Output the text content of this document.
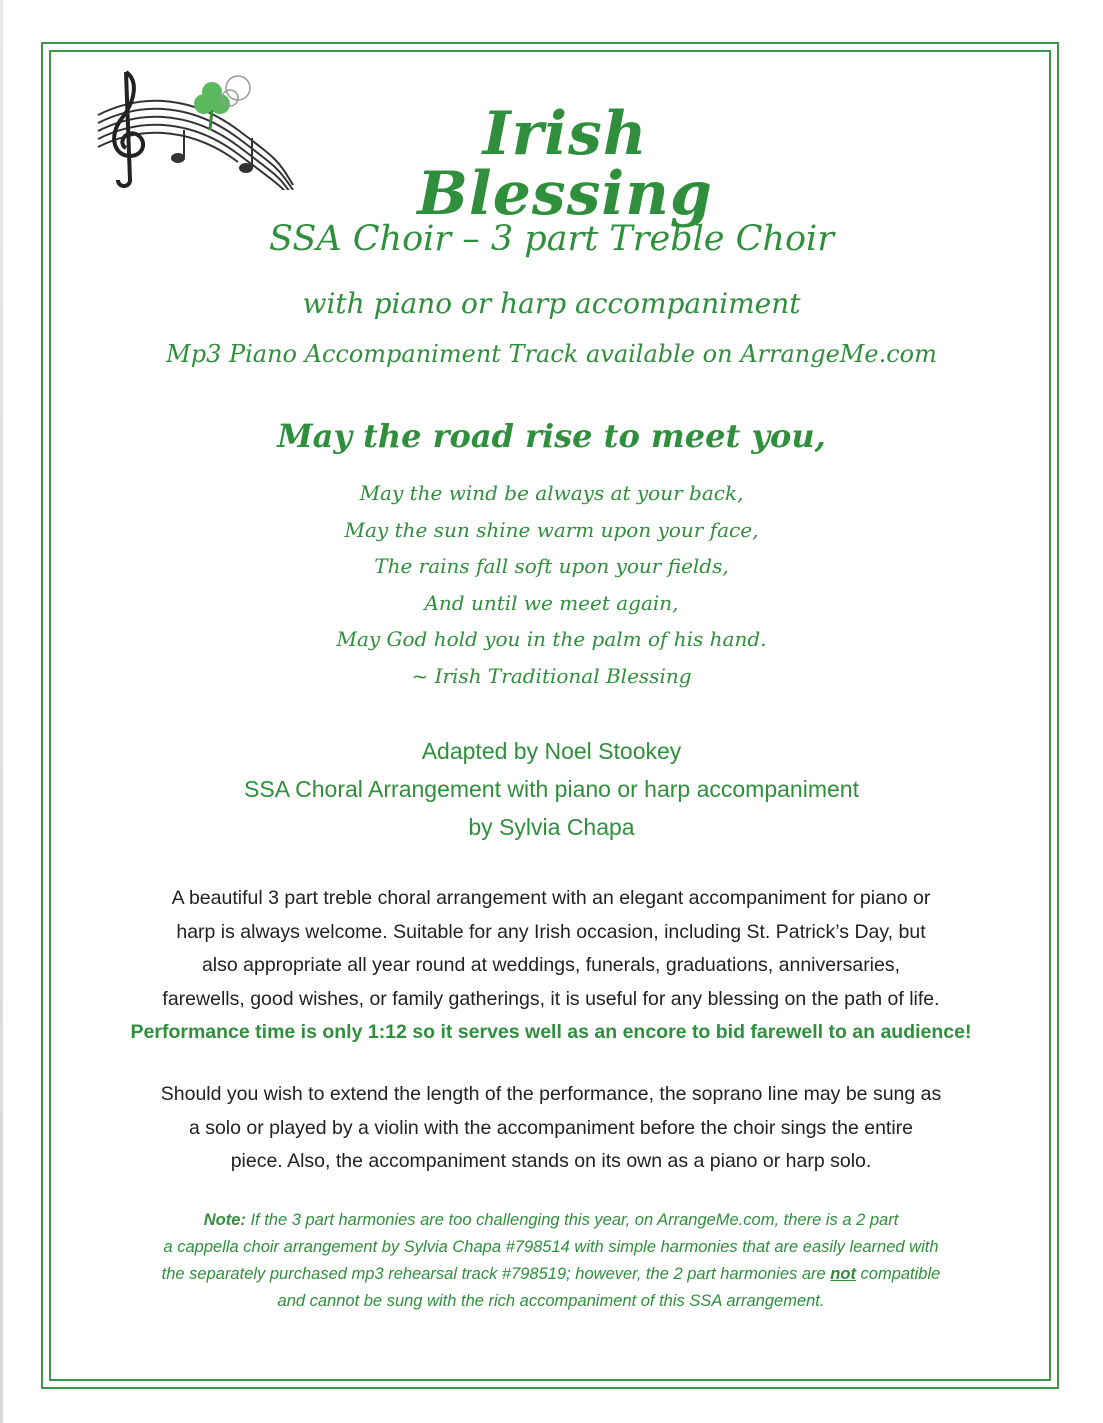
Irish Blessing
SSA Choir – 3 part Treble Choir
with piano or harp accompaniment
Mp3 Piano Accompaniment Track available on ArrangeMe.com
May the road rise to meet you,
May the wind be always at your back,
May the sun shine warm upon your face,
The rains fall soft upon your fields,
And until we meet again,
May God hold you in the palm of his hand.
~ Irish Traditional Blessing
Adapted by Noel Stookey
SSA Choral Arrangement with piano or harp accompaniment
by Sylvia Chapa
A beautiful 3 part treble choral arrangement with an elegant accompaniment for piano or
harp is always welcome. Suitable for any Irish occasion, including St. Patrick’s Day, but
also appropriate all year round at weddings, funerals, graduations, anniversaries,
farewells, good wishes, or family gatherings, it is useful for any blessing on the path of life.
Performance time is only 1:12 so it serves well as an encore to bid farewell to an audience!
Should you wish to extend the length of the performance, the soprano line may be sung as
a solo or played by a violin with the accompaniment before the choir sings the entire
piece. Also, the accompaniment stands on its own as a piano or harp solo.
Note: If the 3 part harmonies are too challenging this year, on ArrangeMe.com, there is a 2 part
a cappella choir arrangement by Sylvia Chapa #798514 with simple harmonies that are easily learned with
the separately purchased mp3 rehearsal track #798519; however, the 2 part harmonies are not compatible
and cannot be sung with the rich accompaniment of this SSA arrangement.
